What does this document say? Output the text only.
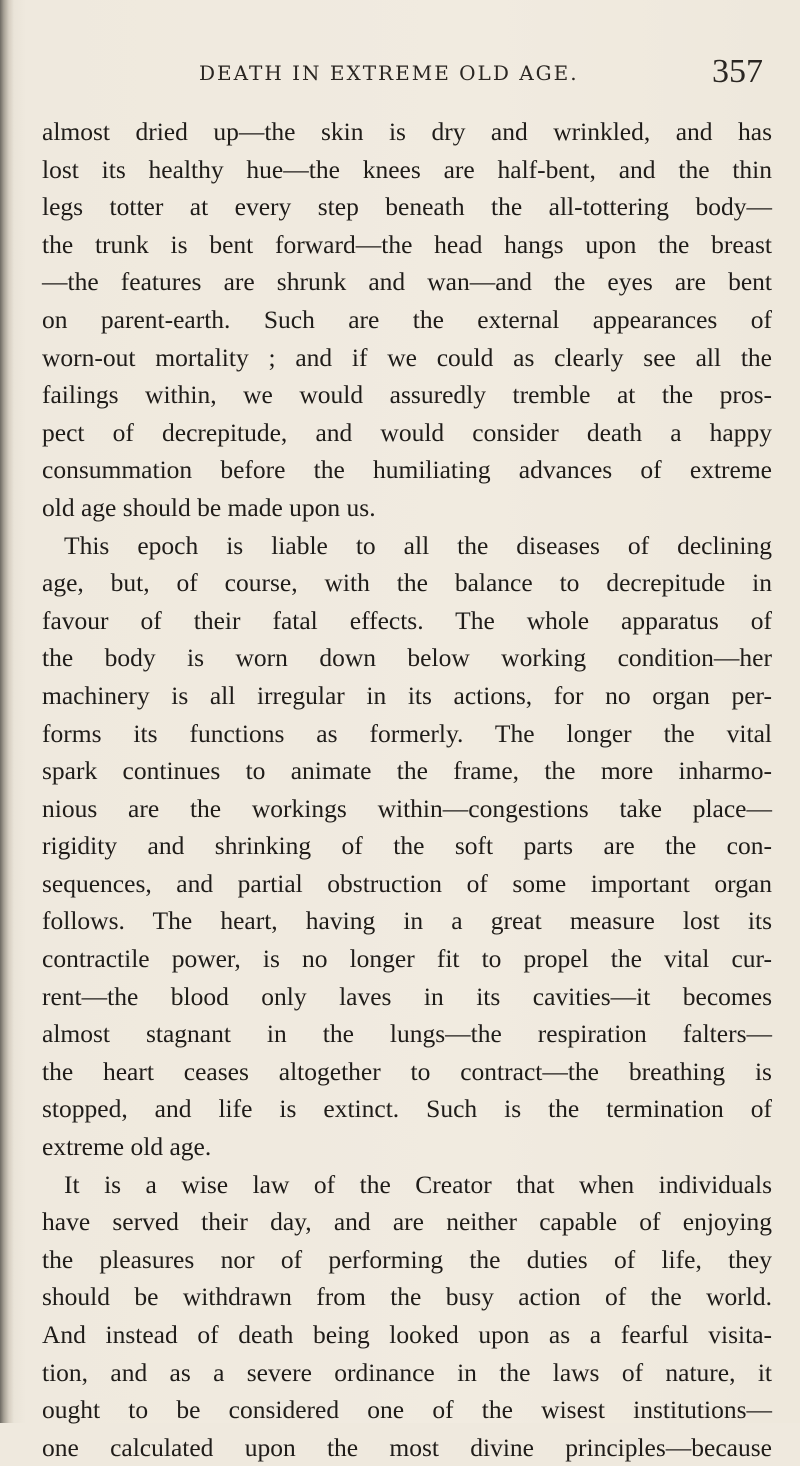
DEATH IN EXTREME OLD AGE.	357
almost dried up—the skin is dry and wrinkled, and has
lost its healthy hue—the knees are half-bent, and the thin
legs totter at every step beneath the all-tottering body—
the trunk is bent forward—the head hangs upon the breast
—the features are shrunk and wan—and the eyes are bent
on parent-earth. Such are the external appearances of
worn-out mortality ; and if we could as clearly see all the
failings within, we would assuredly tremble at the pros-
pect of decrepitude, and would consider death a happy
consummation before the humiliating advances of extreme
old age should be made upon us.
This epoch is liable to all the diseases of declining
age, but, of course, with the balance to decrepitude in
favour of their fatal effects. The whole apparatus of
the body is worn down below working condition—her
machinery is all irregular in its actions, for no organ per-
forms its functions as formerly. The longer the vital
spark continues to animate the frame, the more inharmo-
nious are the workings within—congestions take place—
rigidity and shrinking of the soft parts are the con-
sequences, and partial obstruction of some important organ
follows. The heart, having in a great measure lost its
contractile power, is no longer fit to propel the vital cur-
rent—the blood only laves in its cavities—it becomes
almost stagnant in the lungs—the respiration falters—
the heart ceases altogether to contract—the breathing is
stopped, and life is extinct. Such is the termination of
extreme old age.
It is a wise law of the Creator that when individuals
have served their day, and are neither capable of enjoying
the pleasures nor of performing the duties of life, they
should be withdrawn from the busy action of the world.
And instead of death being looked upon as a fearful visita-
tion, and as a severe ordinance in the laws of nature, it
ought to be considered one of the wisest institutions—
one calculated upon the most divine principles—because
